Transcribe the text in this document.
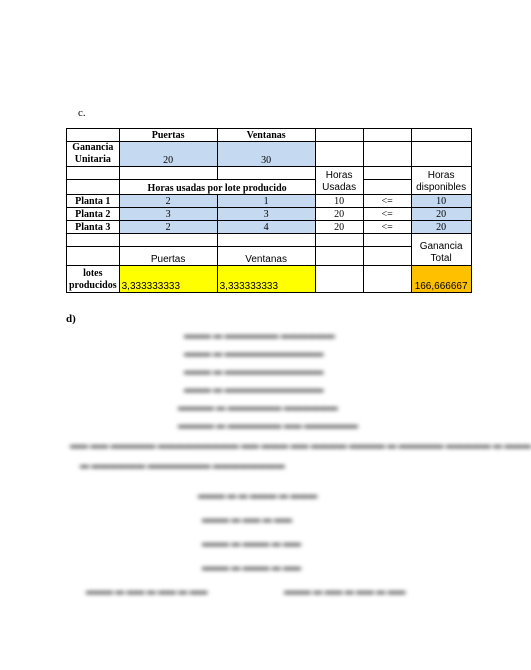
c.
	Puertas	Ventanas			
Ganancia Unitaria	20	30			
			Horas Usadas		Horas disponibles
	Horas usadas por lote producido				
Planta 1	2	1	10	<=	10
Planta 2	3	3	20	<=	20
Planta 3	2	4	20	<=	20
					Ganancia Total
	Puertas	Ventanas			
lotes producidos	3,333333333	3,333333333			166,666667
d)
▬▬▬ ▬ ▬▬▬▬▬▬ ▬▬▬▬▬▬
▬▬▬ ▬ ▬▬▬▬▬▬▬▬▬▬▬
▬▬▬ ▬ ▬▬▬▬▬▬▬▬▬▬▬
▬▬▬ ▬ ▬▬▬▬▬▬▬▬▬▬▬
▬▬▬▬ ▬ ▬▬▬▬▬▬ ▬▬▬▬▬▬
▬▬▬▬ ▬ ▬▬▬▬▬▬ ▬▬ ▬▬▬▬▬▬
▬▬ ▬▬ ▬▬▬▬▬ ▬▬▬▬▬▬▬▬▬ ▬▬ ▬▬▬ ▬▬ ▬▬▬▬ ▬▬▬▬ ▬ ▬▬▬▬▬ ▬▬▬▬▬ ▬ ▬▬▬
▬ ▬▬▬▬▬▬ ▬▬▬▬▬▬▬ ▬▬▬▬▬▬▬▬
▬▬▬ ▬ ▬ ▬▬▬ ▬ ▬▬▬
▬▬▬ ▬ ▬▬ ▬ ▬▬
▬▬▬ ▬ ▬▬▬ ▬ ▬▬
▬▬▬ ▬ ▬▬▬ ▬ ▬▬
▬▬▬ ▬ ▬▬ ▬ ▬▬ ▬ ▬▬	▬▬▬ ▬ ▬▬ ▬ ▬▬ ▬ ▬▬
